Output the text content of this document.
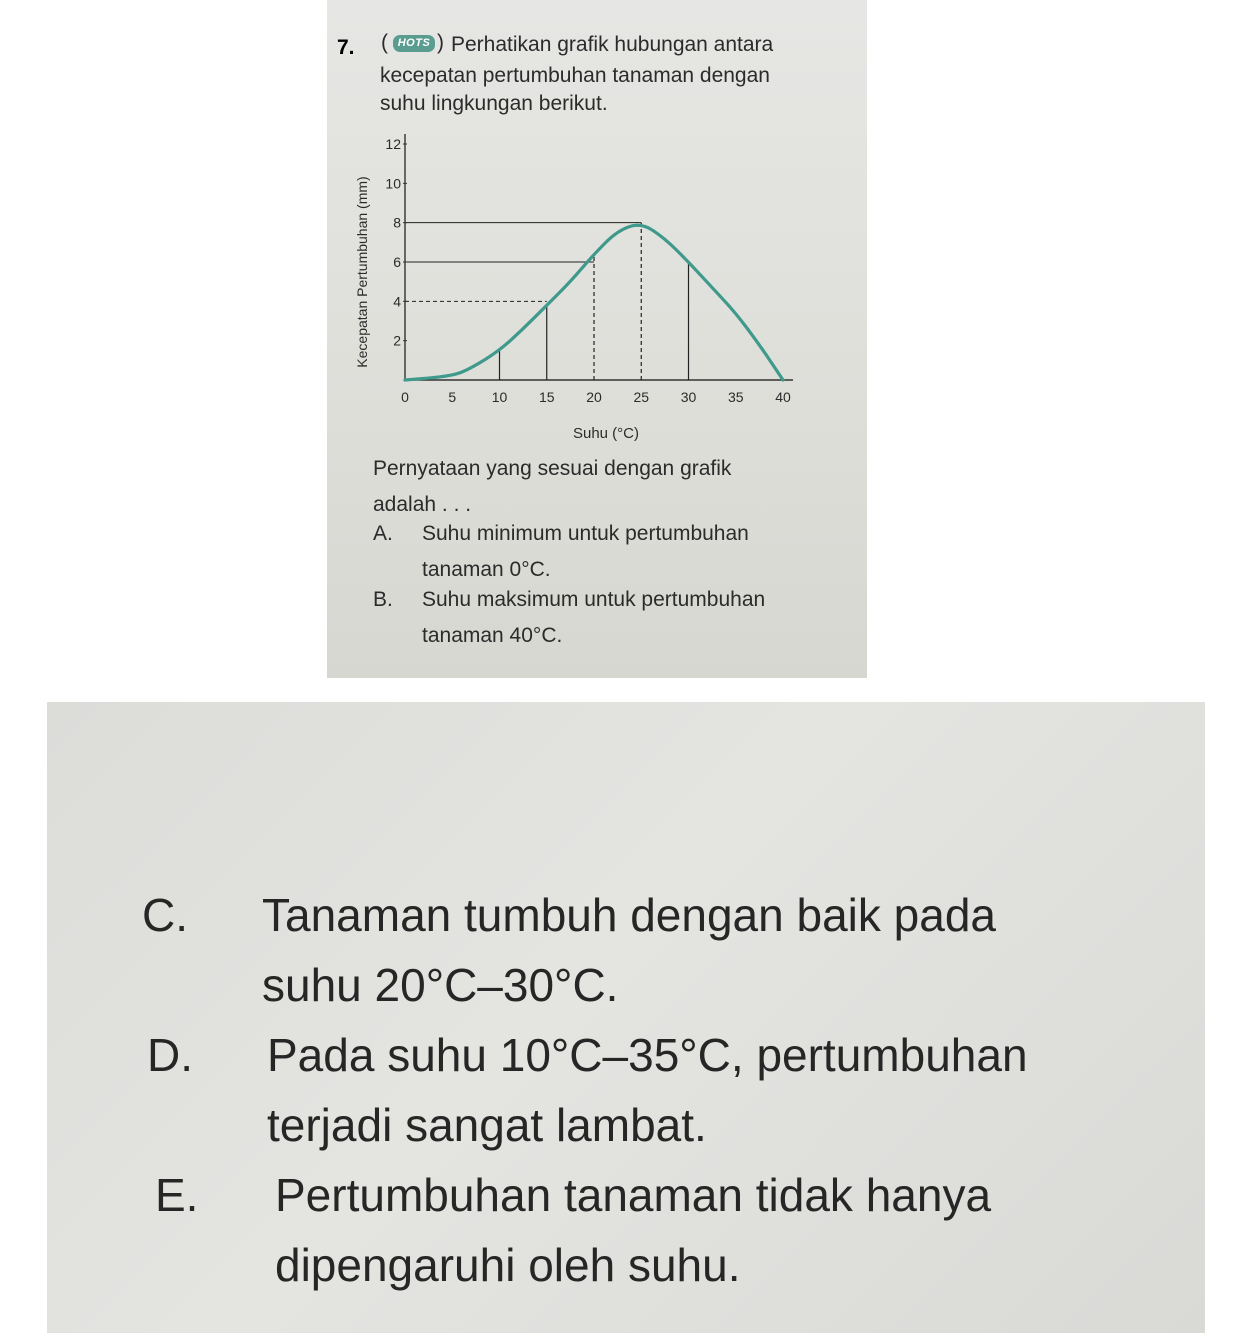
7. ( HOTS ) Perhatikan grafik hubungan antara
kecepatan pertumbuhan tanaman dengan
suhu lingkungan berikut.
0	5	10 15 20 25 30 35 40
2
4
6
8
10
12
Suhu (°C)
Kecepatan Pertumbuhan (mm)
Pernyataan yang sesuai dengan grafik
adalah . . .
A. Suhu minimum untuk pertumbuhan
tanaman 0°C.
B. Suhu maksimum untuk pertumbuhan
tanaman 40°C.
C. Tanaman tumbuh dengan baik pada
suhu 20°C–30°C.
D. Pada suhu 10°C–35°C, pertumbuhan
terjadi sangat lambat.
E. Pertumbuhan tanaman tidak hanya
dipengaruhi oleh suhu.
